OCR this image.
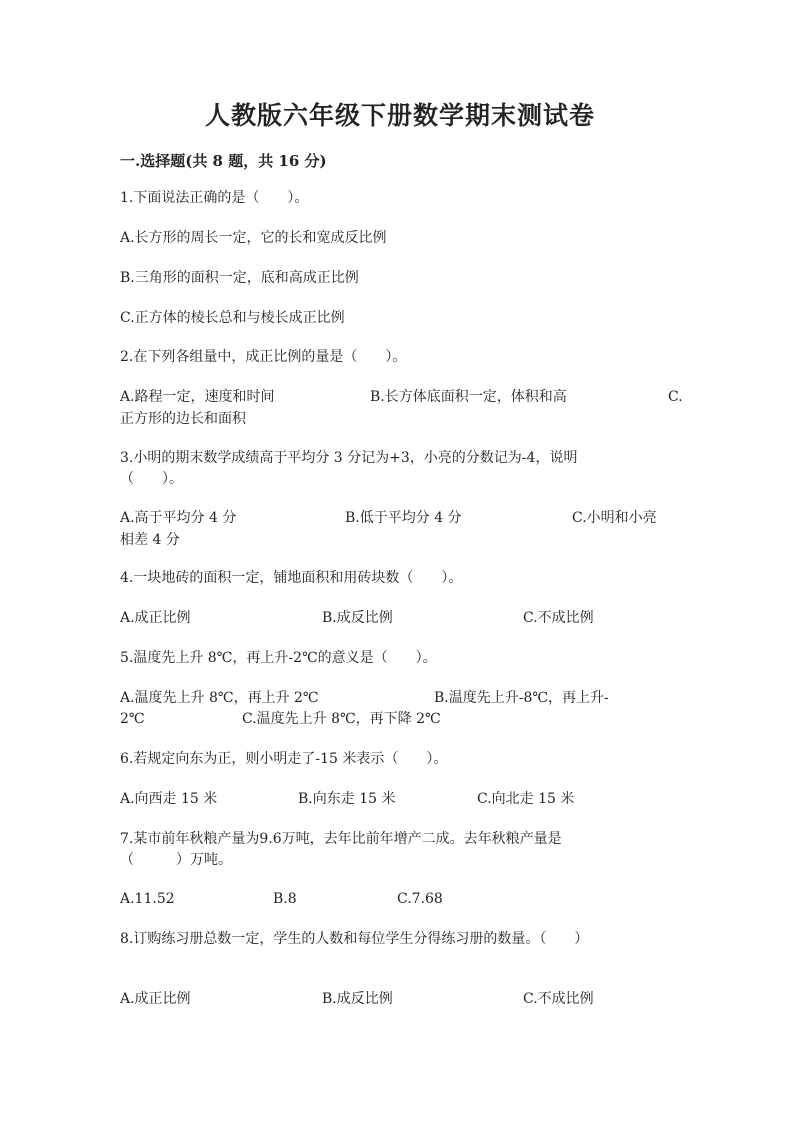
人教版六年级下册数学期末测试卷
一.选择题(共 8 题，共 16 分)
1.下面说法正确的是（　　）。
A.长方形的周长一定，它的长和宽成反比例
B.三角形的面积一定，底和高成正比例
C.正方体的棱长总和与棱长成正比例
2.在下列各组量中，成正比例的量是（　　）。
A.路程一定，速度和时间	B.长方体底面积一定，体积和高	C.
正方形的边长和面积
3.小明的期末数学成绩高于平均分 3 分记为+3，小亮的分数记为-4，说明
（　　）。
A.高于平均分 4 分	B.低于平均分 4 分	C.小明和小亮
相差 4 分
4.一块地砖的面积一定，铺地面积和用砖块数（　　）。
A.成正比例	B.成反比例	C.不成比例
5.温度先上升 8℃，再上升-2℃的意义是（　　）。
A.温度先上升 8℃，再上升 2℃	B.温度先上升-8℃，再上升-
2℃	C.温度先上升 8℃，再下降 2℃
6.若规定向东为正，则小明走了-15 米表示（　　）。
A.向西走 15 米	B.向东走 15 米	C.向北走 15 米
7.某市前年秋粮产量为9.6万吨，去年比前年增产二成。去年秋粮产量是
（　　　）万吨。
A.11.52	B.8	C.7.68
8.订购练习册总数一定，学生的人数和每位学生分得练习册的数量。（　　）
A.成正比例	B.成反比例	C.不成比例
